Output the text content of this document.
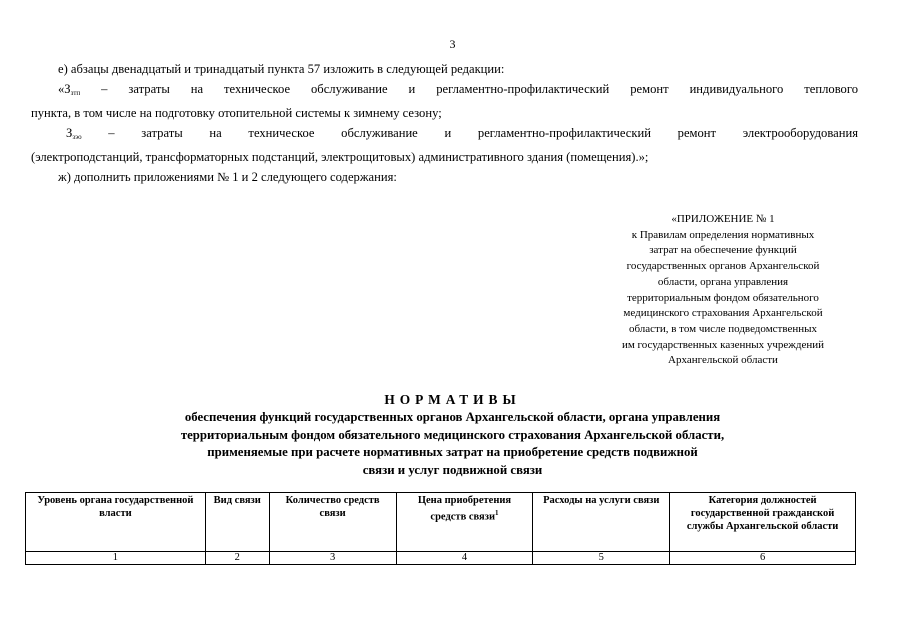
3

е) абзацы двенадцатый и тринадцатый пункта 57 изложить в следующей редакции:

«$З_{зтп}$ – затраты на техническое обслуживание и регламентно-профилактический ремонт индивидуального теплового

пункта, в том числе на подготовку отопительной системы к зимнему сезону;

$З_{зэо}$ – затраты на техническое обслуживание и регламентно-профилактический ремонт электрооборудования

(электроподстанций, трансформаторных подстанций, электрощитовых) административного здания (помещения).»;

ж) дополнить приложениями № 1 и 2 следующего содержания:

«ПРИЛОЖЕНИЕ № 1
к Правилам определения нормативных
затрат на обеспечение функций
государственных органов Архангельской
области, органа управления
территориальным фондом обязательного
медицинского страхования Архангельской
области, в том числе подведомственных
им государственных казенных учреждений
Архангельской области
НОРМАТИВЫ
обеспечения функций государственных органов Архангельской области, органа управления
территориальным фондом обязательного медицинского страхования Архангельской области,
применяемые при расчете нормативных затрат на приобретение средств подвижной
связи и услуг подвижной связи
Уровень органа государственной власти	Вид связи	Количество средств связи	Цена приобретения средств связи$^1$	Расходы на услуги связи	Категория должностей государственной гражданской службы Архангельской области
1	2	3	4	5	6
